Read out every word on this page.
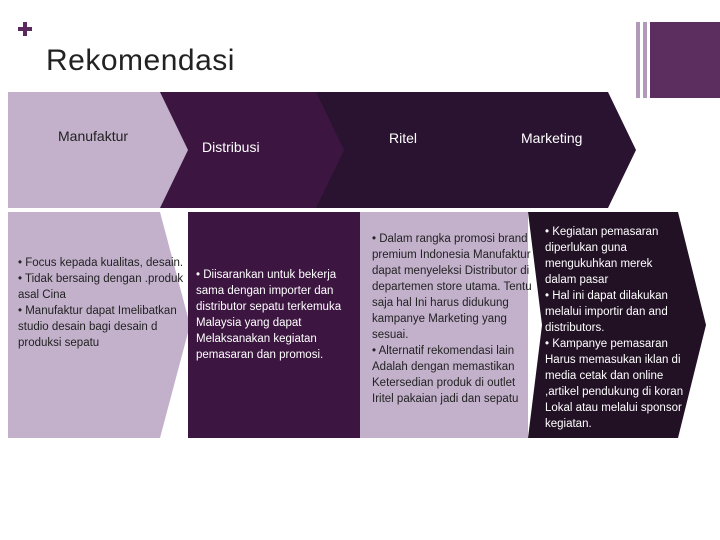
Rekomendasi

Manufaktur

Distribusi

Ritel	Marketing

• Focus kepada kualitas, desain.
• Tidak bersaing dengan .produk asal Cina
• Manufaktur dapat Imelibatkan studio desain bagi desain d produksi sepatu

• Diisarankan untuk bekerja sama dengan importer dan distributor sepatu terkemuka Malaysia yang dapat Melaksanakan kegiatan pemasaran dan promosi.

• Dalam rangka promosi brand premium Indonesia Manufaktur dapat menyeleksi Distributor di departemen store utama. Tentu saja hal Ini harus didukung kampanye Marketing yang sesuai.
• Alternatif rekomendasi lain Adalah dengan memastikan Ketersedian produk di outlet Iritel pakaian jadi dan sepatu

• Kegiatan pemasaran diperlukan guna mengukuhkan merek dalam pasar
• Hal ini dapat dilakukan melalui importir dan and distributors.
• Kampanye pemasaran Harus memasukan iklan di media cetak dan online ,artikel pendukung di koran Lokal atau melalui sponsor kegiatan.
